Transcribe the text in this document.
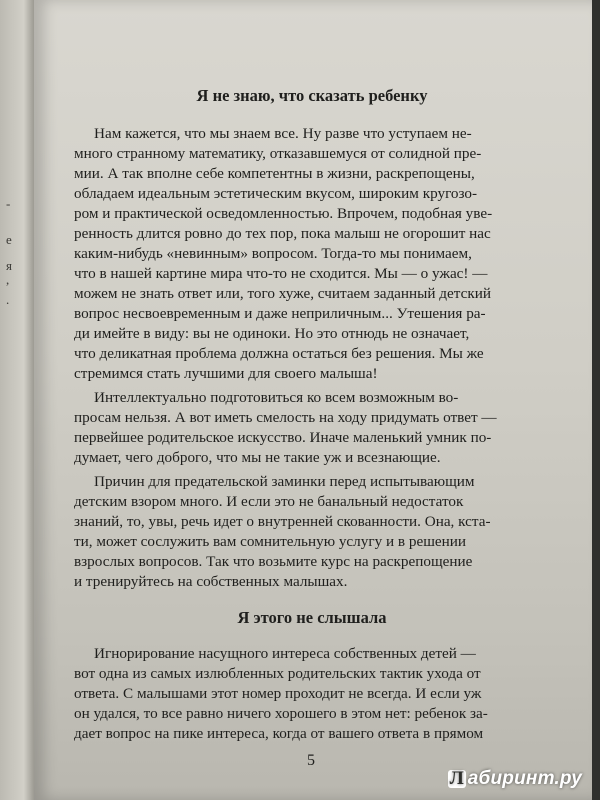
-
е
я
,
.
Я не знаю, что сказать ребенку
Нам кажется, что мы знаем все. Ну разве что уступаем не-
много странному математику, отказавшемуся от солидной пре-
мии. А так вполне себе компетентны в жизни, раскрепощены,
обладаем идеальным эстетическим вкусом, широким кругозо-
ром и практической осведомленностью. Впрочем, подобная уве-
ренность длится ровно до тех пор, пока малыш не огорошит нас
каким-нибудь «невинным» вопросом. Тогда-то мы понимаем,
что в нашей картине мира что-то не сходится. Мы — о ужас! —
можем не знать ответ или, того хуже, считаем заданный детский
вопрос несвоевременным и даже неприличным... Утешения ра-
ди имейте в виду: вы не одиноки. Но это отнюдь не означает,
что деликатная проблема должна остаться без решения. Мы же
стремимся стать лучшими для своего малыша!
Интеллектуально подготовиться ко всем возможным во-
просам нельзя. А вот иметь смелость на ходу придумать ответ —
первейшее родительское искусство. Иначе маленький умник по-
думает, чего доброго, что мы не такие уж и всезнающие.
Причин для предательской заминки перед испытывающим
детским взором много. И если это не банальный недостаток
знаний, то, увы, речь идет о внутренней скованности. Она, кста-
ти, может сослужить вам сомнительную услугу и в решении
взрослых вопросов. Так что возьмите курс на раскрепощение
и тренируйтесь на собственных малышах.
Я этого не слышала
Игнорирование насущного интереса собственных детей —
вот одна из самых излюбленных родительских тактик ухода от
ответа. С малышами этот номер проходит не всегда. И если уж
он удался, то все равно ничего хорошего в этом нет: ребенок за-
дает вопрос на пике интереса, когда от вашего ответа в прямом
5
Л абиринт.ру
